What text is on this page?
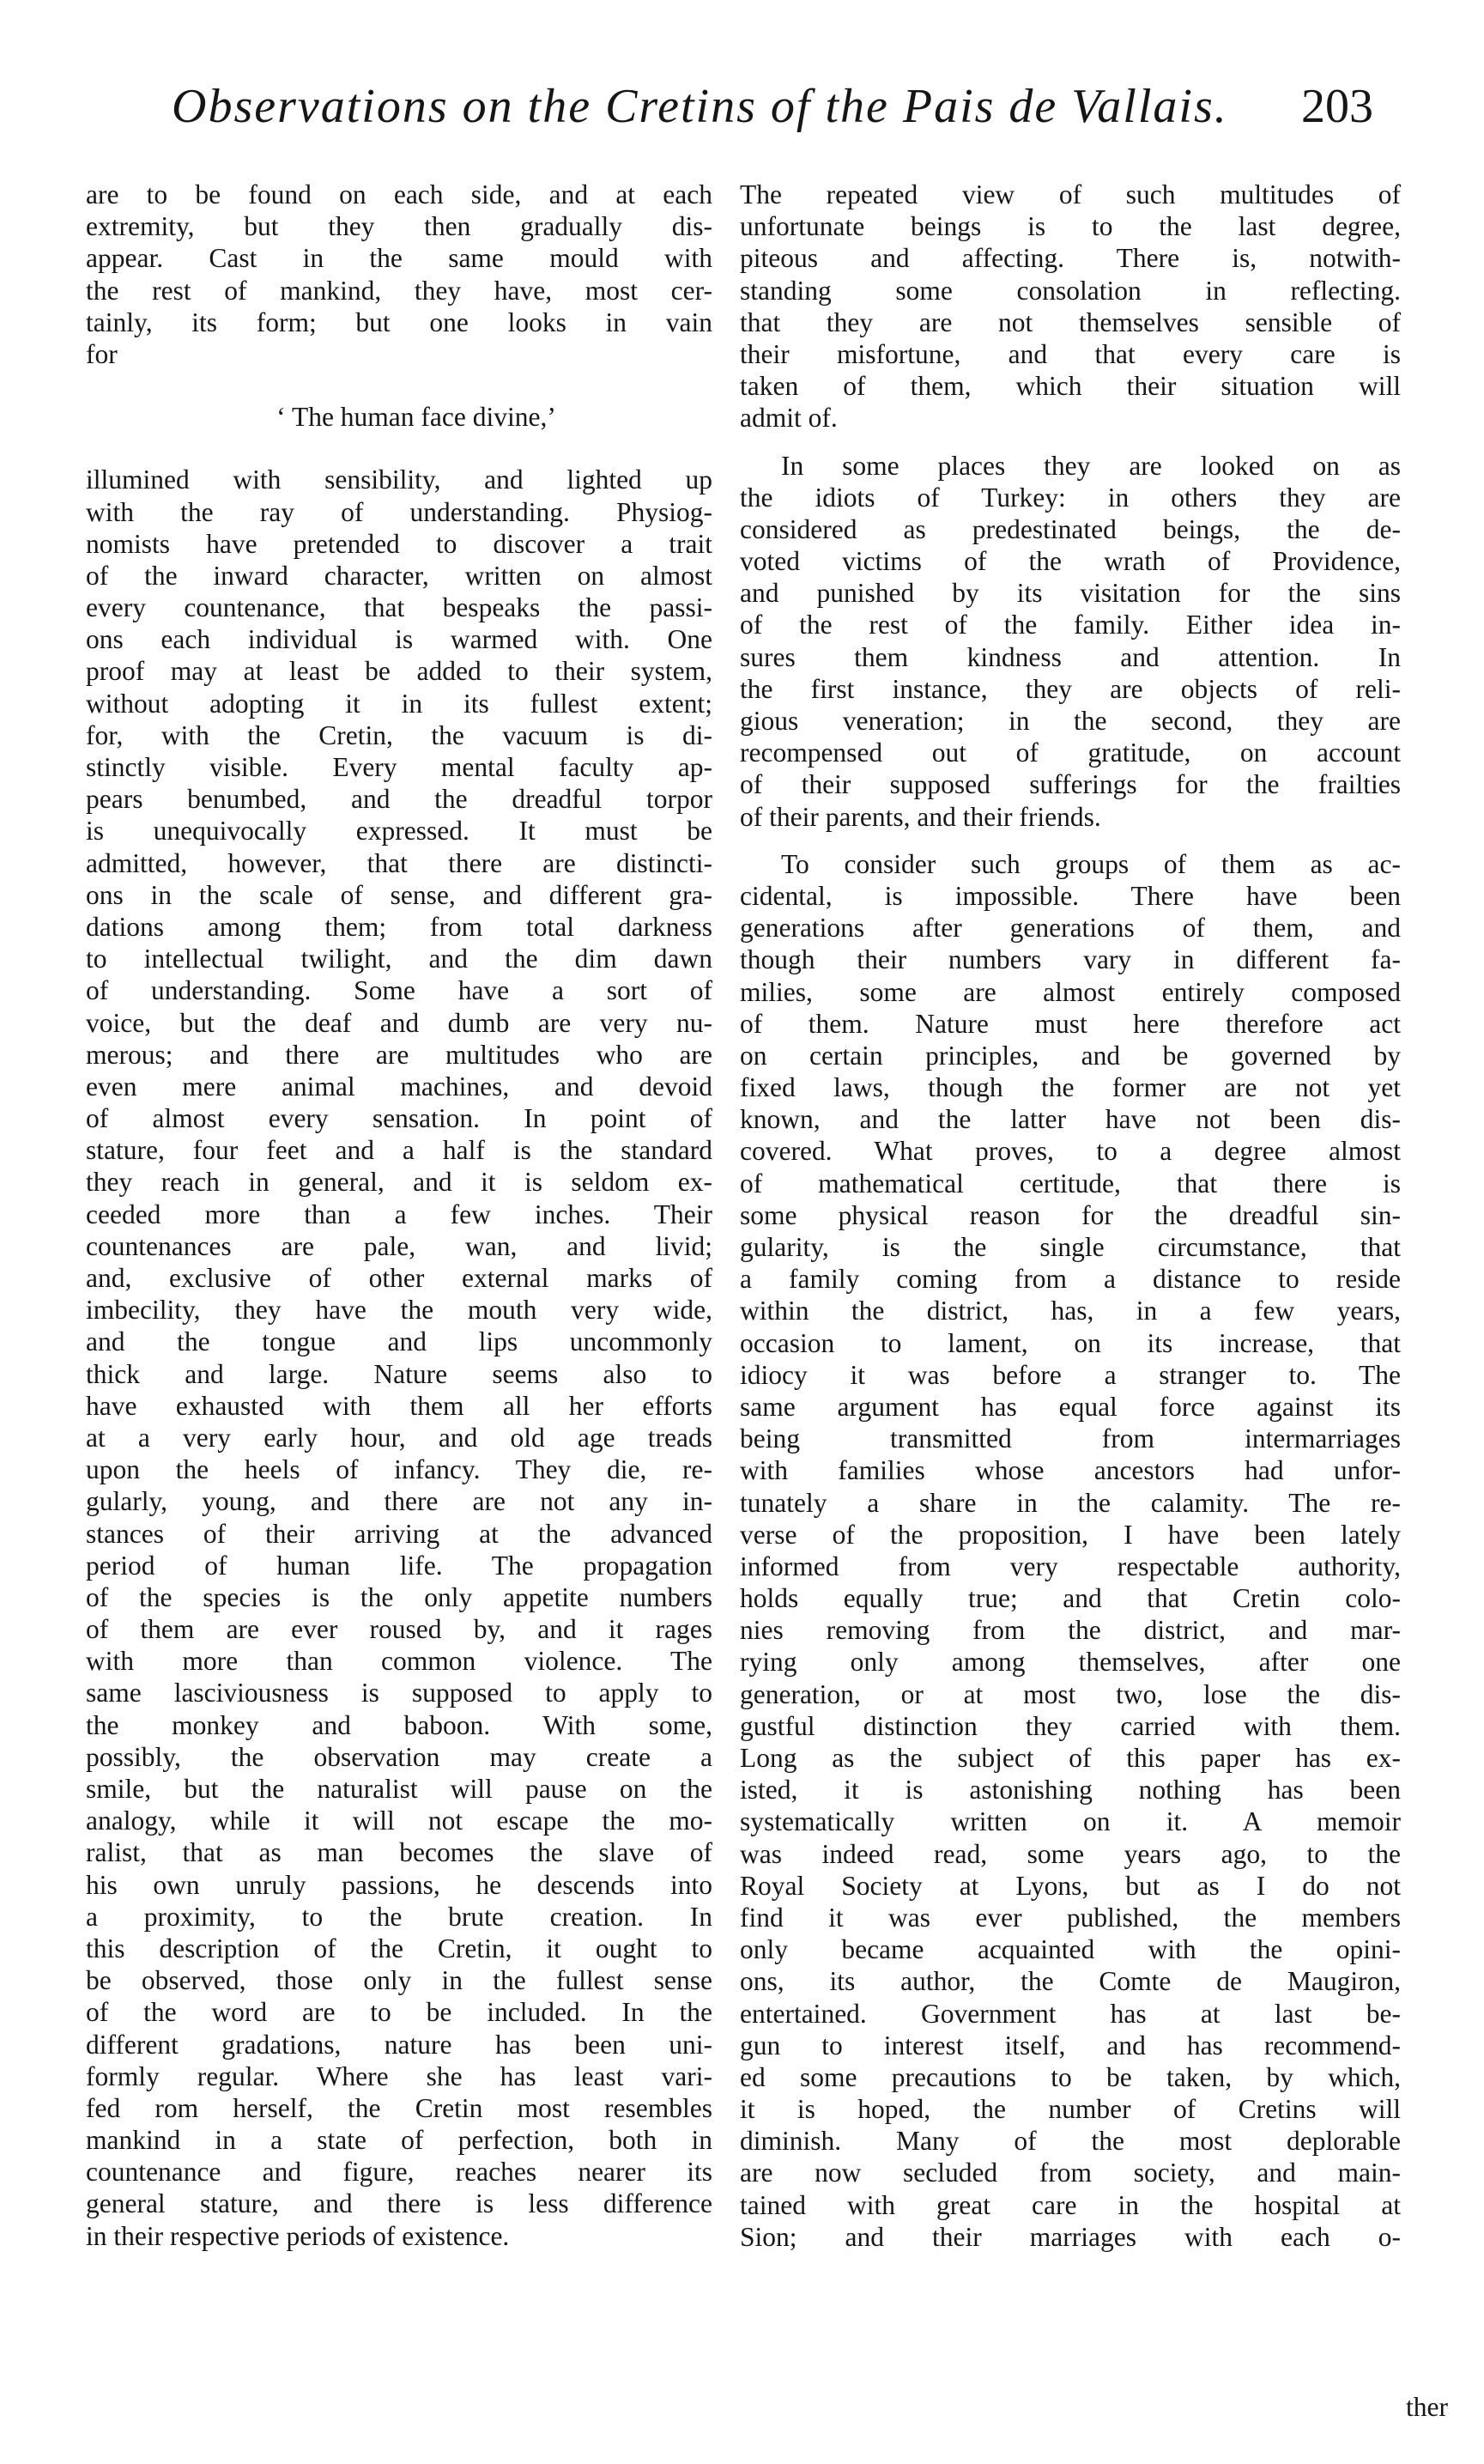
Observations on the Cretins of the Pais de Vallais. 203
are to be found on each side, and at each
extremity, but they then gradually dis-
appear. Cast in the same mould with
the rest of mankind, they have, most cer-
tainly, its form; but one looks in vain
for
‘ The human face divine,’
illumined with sensibility, and lighted up
with the ray of understanding. Physiog-
nomists have pretended to discover a trait
of the inward character, written on almost
every countenance, that bespeaks the passi-
ons each individual is warmed with. One
proof may at least be added to their system,
without adopting it in its fullest extent;
for, with the Cretin, the vacuum is di-
stinctly visible. Every mental faculty ap-
pears benumbed, and the dreadful torpor
is unequivocally expressed. It must be
admitted, however, that there are distincti-
ons in the scale of sense, and different gra-
dations among them; from total darkness
to intellectual twilight, and the dim dawn
of understanding. Some have a sort of
voice, but the deaf and dumb are very nu-
merous; and there are multitudes who are
even mere animal machines, and devoid
of almost every sensation. In point of
stature, four feet and a half is the standard
they reach in general, and it is seldom ex-
ceeded more than a few inches. Their
countenances are pale, wan, and livid;
and, exclusive of other external marks of
imbecility, they have the mouth very wide,
and the tongue and lips uncommonly
thick and large. Nature seems also to
have exhausted with them all her efforts
at a very early hour, and old age treads
upon the heels of infancy. They die, re-
gularly, young, and there are not any in-
stances of their arriving at the advanced
period of human life. The propagation
of the species is the only appetite numbers
of them are ever roused by, and it rages
with more than common violence. The
same lasciviousness is supposed to apply to
the monkey and baboon. With some,
possibly, the observation may create a
smile, but the naturalist will pause on the
analogy, while it will not escape the mo-
ralist, that as man becomes the slave of
his own unruly passions, he descends into
a proximity, to the brute creation. In
this description of the Cretin, it ought to
be observed, those only in the fullest sense
of the word are to be included. In the
different gradations, nature has been uni-
formly regular. Where she has least vari-
fed rom herself, the Cretin most resembles
mankind in a state of perfection, both in
countenance and figure, reaches nearer its
general stature, and there is less difference
in their respective periods of existence.
The repeated view of such multitudes of
unfortunate beings is to the last degree,
piteous and affecting. There is, notwith-
standing some consolation in reflecting.
that they are not themselves sensible of
their misfortune, and that every care is
taken of them, which their situation will
admit of.
In some places they are looked on as
the idiots of Turkey: in others they are
considered as predestinated beings, the de-
voted victims of the wrath of Providence,
and punished by its visitation for the sins
of the rest of the family. Either idea in-
sures them kindness and attention. In
the first instance, they are objects of reli-
gious veneration; in the second, they are
recompensed out of gratitude, on account
of their supposed sufferings for the frailties
of their parents, and their friends.
To consider such groups of them as ac-
cidental, is impossible. There have been
generations after generations of them, and
though their numbers vary in different fa-
milies, some are almost entirely composed
of them. Nature must here therefore act
on certain principles, and be governed by
fixed laws, though the former are not yet
known, and the latter have not been dis-
covered. What proves, to a degree almost
of mathematical certitude, that there is
some physical reason for the dreadful sin-
gularity, is the single circumstance, that
a family coming from a distance to reside
within the district, has, in a few years,
occasion to lament, on its increase, that
idiocy it was before a stranger to. The
same argument has equal force against its
being transmitted from intermarriages
with families whose ancestors had unfor-
tunately a share in the calamity. The re-
verse of the proposition, I have been lately
informed from very respectable authority,
holds equally true; and that Cretin colo-
nies removing from the district, and mar-
rying only among themselves, after one
generation, or at most two, lose the dis-
gustful distinction they carried with them.
Long as the subject of this paper has ex-
isted, it is astonishing nothing has been
systematically written on it. A memoir
was indeed read, some years ago, to the
Royal Society at Lyons, but as I do not
find it was ever published, the members
only became acquainted with the opini-
ons, its author, the Comte de Maugiron,
entertained. Government has at last be-
gun to interest itself, and has recommend-
ed some precautions to be taken, by which,
it is hoped, the number of Cretins will
diminish. Many of the most deplorable
are now secluded from society, and main-
tained with great care in the hospital at
Sion; and their marriages with each o-
ther
